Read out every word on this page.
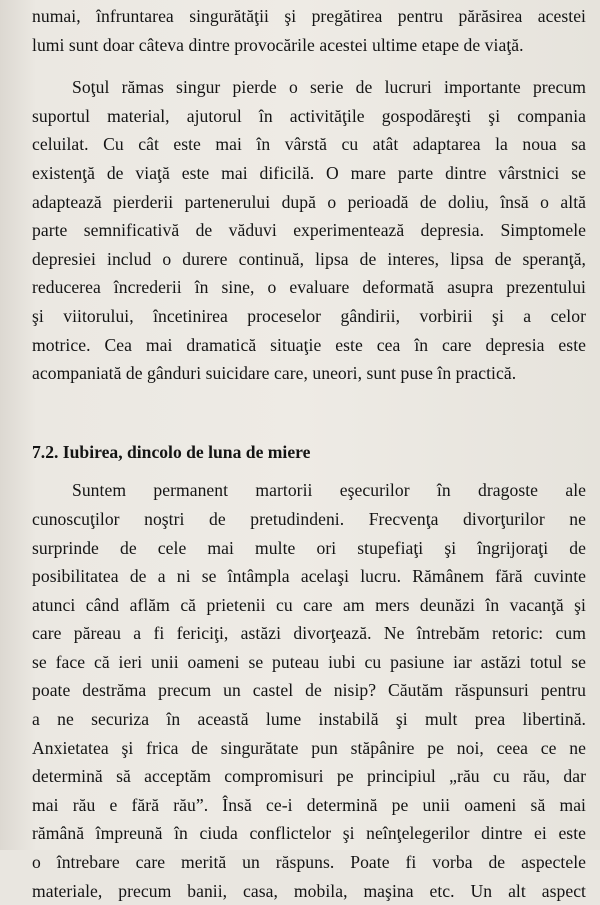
numai, înfruntarea singurătăţii şi pregătirea pentru părăsirea acestei
lumi sunt doar câteva dintre provocările acestei ultime etape de viaţă.
Soţul rămas singur pierde o serie de lucruri importante precum
suportul material, ajutorul în activităţile gospodăreşti şi compania
celuilat. Cu cât este mai în vârstă cu atât adaptarea la noua sa
existenţă de viaţă este mai dificilă. O mare parte dintre vârstnici se
adaptează pierderii partenerului după o perioadă de doliu, însă o altă
parte semnificativă de văduvi experimentează depresia. Simptomele
depresiei includ o durere continuă, lipsa de interes, lipsa de speranţă,
reducerea încrederii în sine, o evaluare deformată asupra prezentului
şi viitorului, încetinirea proceselor gândirii, vorbirii şi a celor
motrice. Cea mai dramatică situaţie este cea în care depresia este
acompaniată de gânduri suicidare care, uneori, sunt puse în practică.
7.2. Iubirea, dincolo de luna de miere
Suntem permanent martorii eşecurilor în dragoste ale
cunoscuţilor noştri de pretudindeni. Frecvenţa divorţurilor ne
surprinde de cele mai multe ori stupefiaţi şi îngrijoraţi de
posibilitatea de a ni se întâmpla acelaşi lucru. Rămânem fără cuvinte
atunci când aflăm că prietenii cu care am mers deunăzi în vacanţă şi
care păreau a fi fericiţi, astăzi divorţează. Ne întrebăm retoric: cum
se face că ieri unii oameni se puteau iubi cu pasiune iar astăzi totul se
poate destrăma precum un castel de nisip? Căutăm răspunsuri pentru
a ne securiza în această lume instabilă şi mult prea libertină.
Anxietatea şi frica de singurătate pun stăpânire pe noi, ceea ce ne
determină să acceptăm compromisuri pe principiul „rău cu rău, dar
mai rău e fără rău”. Însă ce-i determină pe unii oameni să mai
rămână împreună în ciuda conflictelor şi neînţelegerilor dintre ei este
o întrebare care merită un răspuns. Poate fi vorba de aspectele
materiale, precum banii, casa, mobila, maşina etc. Un alt aspect
